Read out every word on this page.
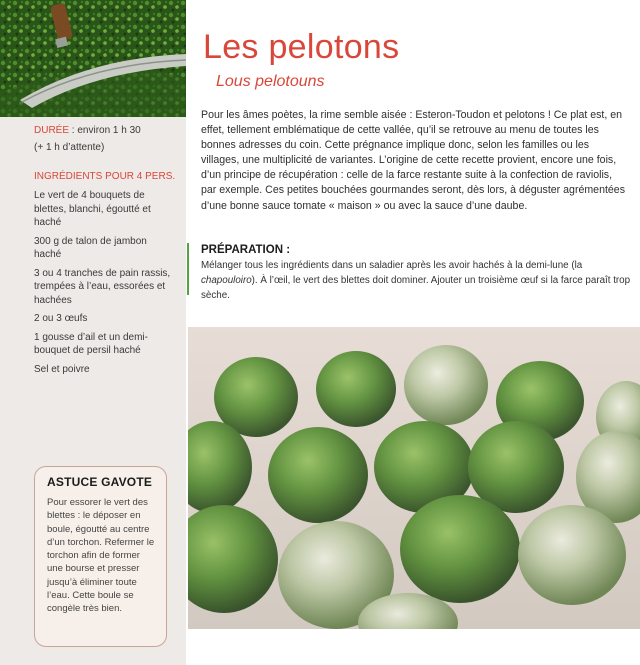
DURÉE : environ 1 h 30
(+ 1 h d’attente)
INGRÉDIENTS POUR 4 PERS.
Le vert de 4 bouquets de blettes, blanchi, égoutté et haché
300 g de talon de jambon haché
3 ou 4 tranches de pain rassis, trempées à l’eau, essorées et hachées
2 ou 3 œufs
1 gousse d’ail et un demi-bouquet de persil haché
Sel et poivre
ASTUCE GAVOTE
Pour essorer le vert des blettes : le déposer en boule, égoutté au centre d’un torchon. Refermer le torchon afin de former une bourse et presser jusqu’à éliminer toute l’eau. Cette boule se congèle très bien.
Les pelotons
Lous pelotouns
Pour les âmes poètes, la rime semble aisée : Esteron-Toudon et pelotons ! Ce plat est, en effet, tellement emblématique de cette vallée, qu’il se retrouve au menu de toutes les bonnes adresses du coin. Cette prégnance implique donc, selon les familles ou les villages, une multiplicité de variantes. L’origine de cette recette provient, encore une fois, d’un principe de récupération : celle de la farce restante suite à la confection de raviolis, par exemple. Ces petites bouchées gourmandes seront, dès lors, à déguster agrémentées d’une bonne sauce tomate « maison » ou avec la sauce d’une daube.
PRÉPARATION :
Mélanger tous les ingrédients dans un saladier après les avoir hachés à la demi-lune (la chapouloiro). À l’œil, le vert des blettes doit dominer. Ajouter un troisième œuf si la farce paraît trop sèche.
